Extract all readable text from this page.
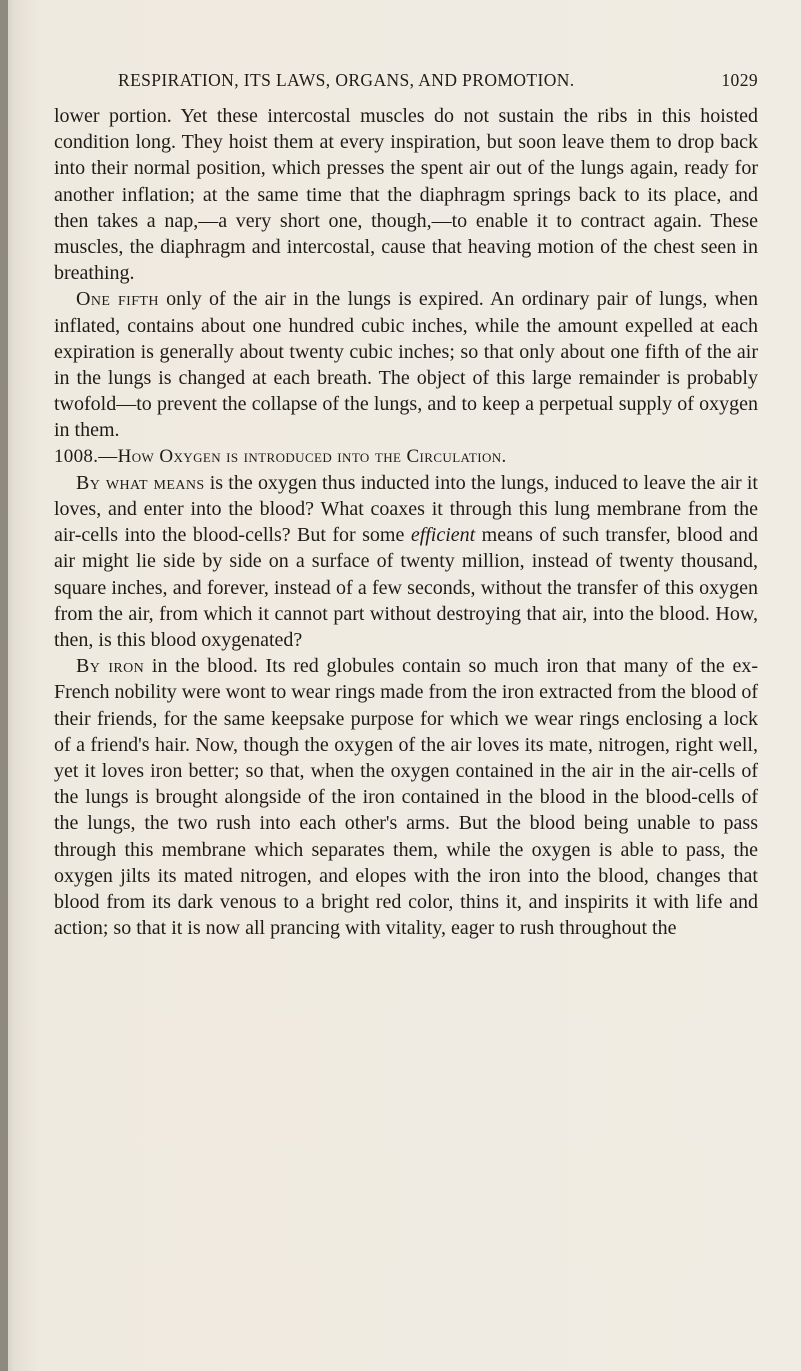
RESPIRATION, ITS LAWS, ORGANS, AND PROMOTION.	1029

lower portion. Yet these intercostal muscles do not sustain the ribs in this hoisted condition long. They hoist them at every inspiration, but soon leave them to drop back into their normal position, which presses the spent air out of the lungs again, ready for another inflation; at the same time that the diaphragm springs back to its place, and then takes a nap,—a very short one, though,—to enable it to contract again. These muscles, the diaphragm and intercostal, cause that heaving motion of the chest seen in breathing.

One fifth only of the air in the lungs is expired. An ordinary pair of lungs, when inflated, contains about one hundred cubic inches, while the amount expelled at each expiration is generally about twenty cubic inches; so that only about one fifth of the air in the lungs is changed at each breath. The object of this large remainder is probably twofold—to prevent the collapse of the lungs, and to keep a perpetual supply of oxygen in them.

1008.—How Oxygen is introduced into the Circulation.

By what means is the oxygen thus inducted into the lungs, induced to leave the air it loves, and enter into the blood? What coaxes it through this lung membrane from the air-cells into the blood-cells? But for some efficient means of such transfer, blood and air might lie side by side on a surface of twenty million, instead of twenty thousand, square inches, and forever, instead of a few seconds, without the transfer of this oxygen from the air, from which it cannot part without destroying that air, into the blood. How, then, is this blood oxygenated?

By iron in the blood. Its red globules contain so much iron that many of the ex-French nobility were wont to wear rings made from the iron extracted from the blood of their friends, for the same keepsake purpose for which we wear rings enclosing a lock of a friend's hair. Now, though the oxygen of the air loves its mate, nitrogen, right well, yet it loves iron better; so that, when the oxygen contained in the air in the air-cells of the lungs is brought alongside of the iron contained in the blood in the blood-cells of the lungs, the two rush into each other's arms. But the blood being unable to pass through this membrane which separates them, while the oxygen is able to pass, the oxygen jilts its mated nitrogen, and elopes with the iron into the blood, changes that blood from its dark venous to a bright red color, thins it, and inspirits it with life and action; so that it is now all prancing with vitality, eager to rush throughout the
